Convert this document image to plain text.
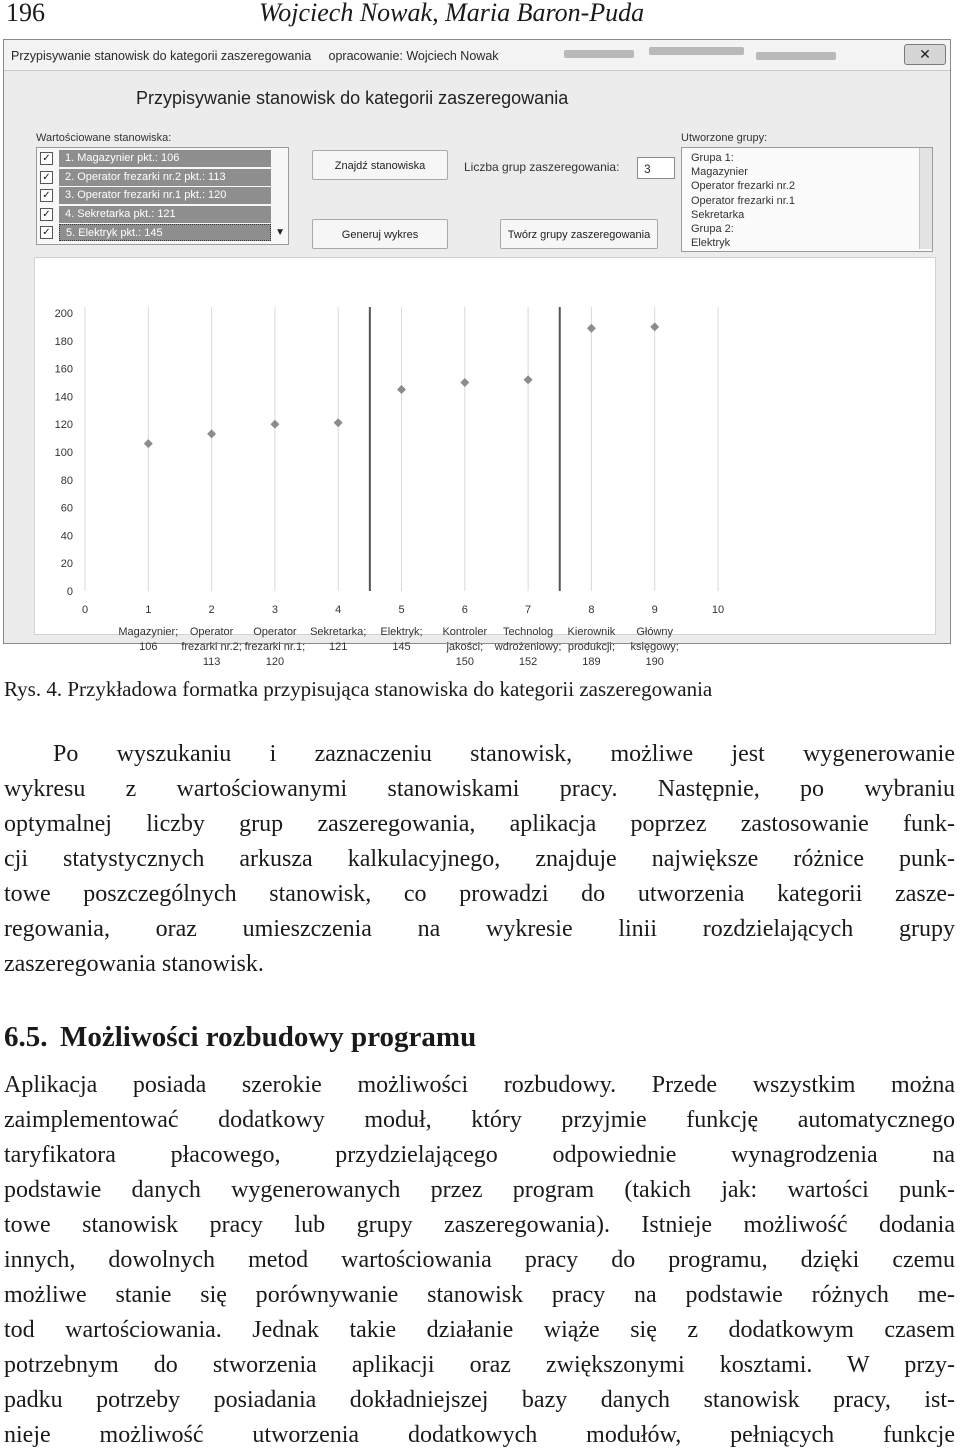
196	Wojciech Nowak, Maria Baron-Puda
Przypisywanie stanowisk do kategorii zaszeregowania opracowanie: Wojciech Nowak	✕
Przypisywanie stanowisk do kategorii zaszeregowania
Wartościowane stanowiska:
✓	1. Magazynier pkt.: 106
✓	2. Operator frezarki nr.2 pkt.: 113
✓	3. Operator frezarki nr.1 pkt.: 120
✓	4. Sekretarka pkt.: 121
✓	5. Elektryk pkt.: 145	▼
Znajdź stanowiska
Generuj wykres
Liczba grup zaszeregowania:	3
Twórz grupy zaszeregowania
Utworzone grupy:
Grupa 1:
Magazynier
Operator frezarki nr.2
Operator frezarki nr.1
Sekretarka
Grupa 2:
Elektryk
0	1	2	3	4	5	6	7	8	9	10
0
20
40
60
80
100
120
140
160
180
200
Magazynier;
106
Operator
frezarki nr.2;
113
Operator
frezarki nr.1;
120
Sekretarka;
121
Elektryk;
145
Kontroler
jakości;
150
Technolog
wdrożeniowy;
152
Kierownik
produkcji;
189
Główny
księgowy;
190
Rys. 4. Przykładowa formatka przypisująca stanowiska do kategorii zaszeregowania

Po wyszukaniu i zaznaczeniu stanowisk, możliwe jest wygenerowanie
wykresu z wartościowanymi stanowiskami pracy. Następnie, po wybraniu
optymalnej liczby grup zaszeregowania, aplikacja poprzez zastosowanie funk-
cji statystycznych arkusza kalkulacyjnego, znajduje największe różnice punk-
towe poszczególnych stanowisk, co prowadzi do utworzenia kategorii zasze-
regowania, oraz umieszczenia na wykresie linii rozdzielających grupy
zaszeregowania stanowisk.

6.5. Możliwości rozbudowy programu

Aplikacja posiada szerokie możliwości rozbudowy. Przede wszystkim można
zaimplementować dodatkowy moduł, który przyjmie funkcję automatycznego
taryfikatora płacowego, przydzielającego odpowiednie wynagrodzenia na
podstawie danych wygenerowanych przez program (takich jak: wartości punk-
towe stanowisk pracy lub grupy zaszeregowania). Istnieje możliwość dodania
innych, dowolnych metod wartościowania pracy do programu, dzięki czemu
możliwe stanie się porównywanie stanowisk pracy na podstawie różnych me-
tod wartościowania. Jednak takie działanie wiąże się z dodatkowym czasem
potrzebnym do stworzenia aplikacji oraz zwiększonymi kosztami. W przy-
padku potrzeby posiadania dokładniejszej bazy danych stanowisk pracy, ist-
nieje możliwość utworzenia dodatkowych modułów, pełniących funkcje
